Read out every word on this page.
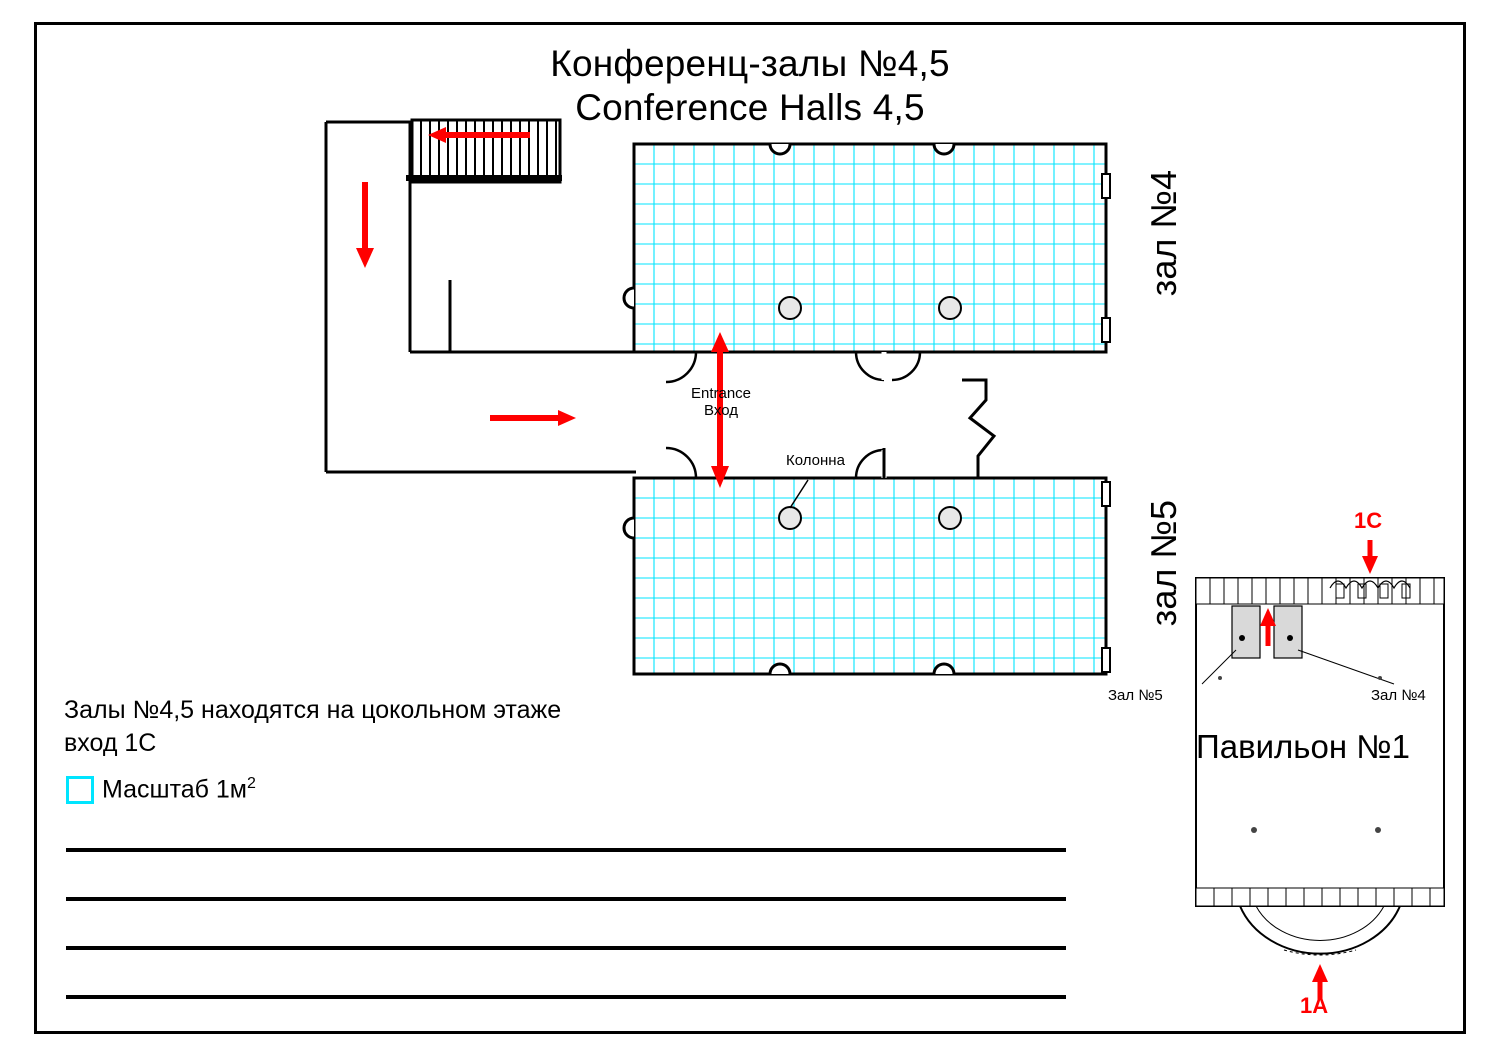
Конференц-залы №4,5
Conference Halls 4,5
Entrance
Вход
Колонна
зал №4
зал №5
Залы №4,5 находятся на цокольном этаже
вход 1С
Масштаб $1м^2$
1C
1A
Зал №5	Зал №4
Павильон №1
